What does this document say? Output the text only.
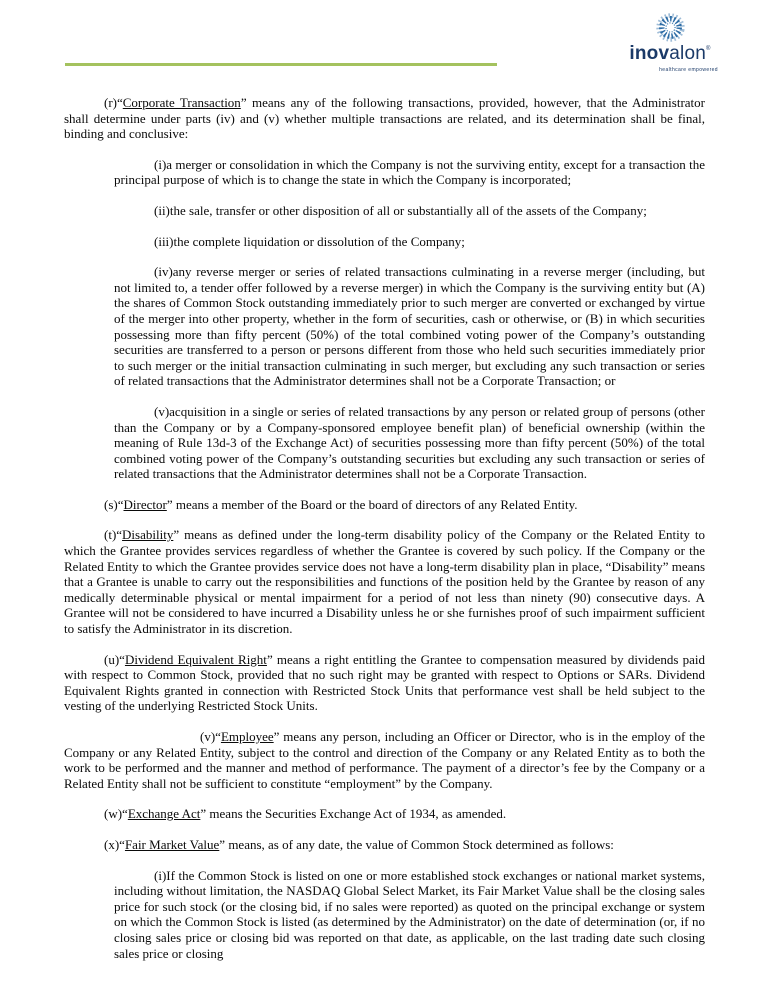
inovalon®
healthcare empowered

(r)“Corporate Transaction” means any of the following transactions, provided, however, that the Administrator shall determine under parts (iv) and (v) whether multiple transactions are related, and its determination shall be final, binding and conclusive:

(i)a merger or consolidation in which the Company is not the surviving entity, except for a transaction the principal purpose of which is to change the state in which the Company is incorporated;

(ii)the sale, transfer or other disposition of all or substantially all of the assets of the Company;

(iii)the complete liquidation or dissolution of the Company;

(iv)any reverse merger or series of related transactions culminating in a reverse merger (including, but not limited to, a tender offer followed by a reverse merger) in which the Company is the surviving entity but (A) the shares of Common Stock outstanding immediately prior to such merger are converted or exchanged by virtue of the merger into other property, whether in the form of securities, cash or otherwise, or (B) in which securities possessing more than fifty percent (50%) of the total combined voting power of the Company’s outstanding securities are transferred to a person or persons different from those who held such securities immediately prior to such merger or the initial transaction culminating in such merger, but excluding any such transaction or series of related transactions that the Administrator determines shall not be a Corporate Transaction; or

(v)acquisition in a single or series of related transactions by any person or related group of persons (other than the Company or by a Company-sponsored employee benefit plan) of beneficial ownership (within the meaning of Rule 13d-3 of the Exchange Act) of securities possessing more than fifty percent (50%) of the total combined voting power of the Company’s outstanding securities but excluding any such transaction or series of related transactions that the Administrator determines shall not be a Corporate Transaction.

(s)“Director” means a member of the Board or the board of directors of any Related Entity.

(t)“Disability” means as defined under the long-term disability policy of the Company or the Related Entity to which the Grantee provides services regardless of whether the Grantee is covered by such policy. If the Company or the Related Entity to which the Grantee provides service does not have a long-term disability plan in place, “Disability” means that a Grantee is unable to carry out the responsibilities and functions of the position held by the Grantee by reason of any medically determinable physical or mental impairment for a period of not less than ninety (90) consecutive days. A Grantee will not be considered to have incurred a Disability unless he or she furnishes proof of such impairment sufficient to satisfy the Administrator in its discretion.

(u)“Dividend Equivalent Right” means a right entitling the Grantee to compensation measured by dividends paid with respect to Common Stock, provided that no such right may be granted with respect to Options or SARs. Dividend Equivalent Rights granted in connection with Restricted Stock Units that performance vest shall be held subject to the vesting of the underlying Restricted Stock Units.

(v)“Employee” means any person, including an Officer or Director, who is in the employ of the Company or any Related Entity, subject to the control and direction of the Company or any Related Entity as to both the work to be performed and the manner and method of performance. The payment of a director’s fee by the Company or a Related Entity shall not be sufficient to constitute “employment” by the Company.

(w)“Exchange Act” means the Securities Exchange Act of 1934, as amended.

(x)“Fair Market Value” means, as of any date, the value of Common Stock determined as follows:

(i)If the Common Stock is listed on one or more established stock exchanges or national market systems, including without limitation, the NASDAQ Global Select Market, its Fair Market Value shall be the closing sales price for such stock (or the closing bid, if no sales were reported) as quoted on the principal exchange or system on which the Common Stock is listed (as determined by the Administrator) on the date of determination (or, if no closing sales price or closing bid was reported on that date, as applicable, on the last trading date such closing sales price or closing
